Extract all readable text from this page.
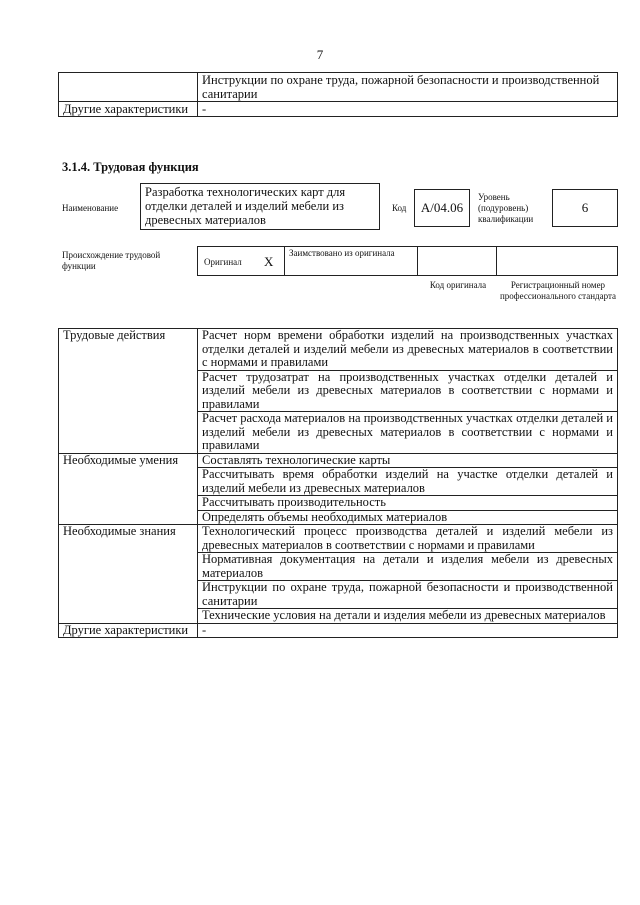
7
	Инструкции по охране труда, пожарной безопасности и производственной санитарии
Другие характеристики	-
3.1.4. Трудовая функция
Наименование
Разработка технологических карт для отделки деталей и изделий мебели из древесных материалов
Код	А/04.06
Уровень (подуровень) квалификации
6
Происхождение трудовой функции	Оригинал Х
Заимствовано из оригинала
Код оригинала	Регистрационный номер профессионального стандарта
Трудовые действия	Расчет норм времени обработки изделий на производственных участках отделки деталей и изделий мебели из древесных материалов в соответствии с нормами и правилами
	Расчет трудозатрат на производственных участках отделки деталей и изделий мебели из древесных материалов в соответствии с нормами и правилами
	Расчет расхода материалов на производственных участках отделки деталей и изделий мебели из древесных материалов в соответствии с нормами и правилами
Необходимые умения	Составлять технологические карты
	Рассчитывать время обработки изделий на участке отделки деталей и изделий мебели из древесных материалов
	Рассчитывать производительность
	Определять объемы необходимых материалов
Необходимые знания	Технологический процесс производства деталей и изделий мебели из древесных материалов в соответствии с нормами и правилами
	Нормативная документация на детали и изделия мебели из древесных материалов
	Инструкции по охране труда, пожарной безопасности и производственной санитарии
	Технические условия на детали и изделия мебели из древесных материалов
Другие характеристики	-
